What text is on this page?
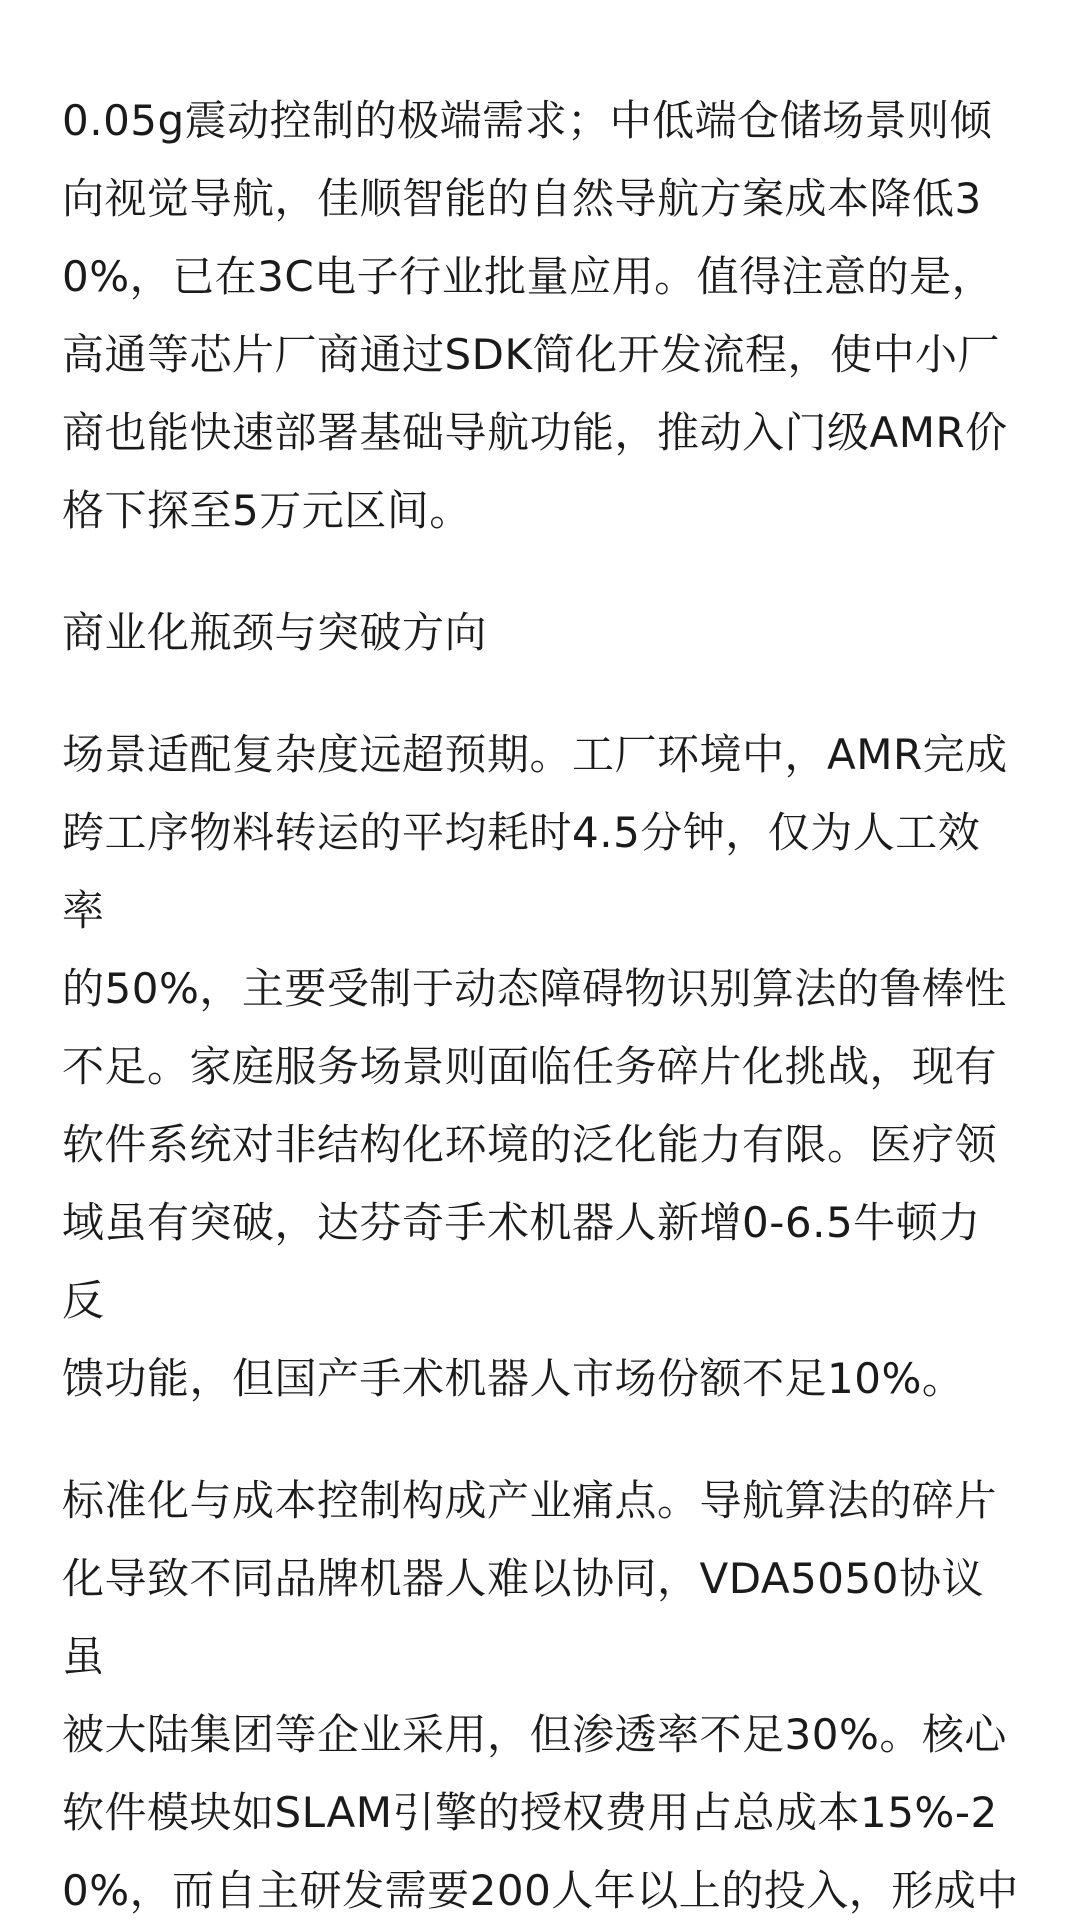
0.05g震动控制的极端需求；中低端仓储场景则倾
向视觉导航，佳顺智能的自然导航方案成本降低3
0%，已在3C电子行业批量应用。值得注意的是，
高通等芯片厂商通过SDK简化开发流程，使中小厂
商也能快速部署基础导航功能，推动入门级AMR价
格下探至5万元区间。

商业化瓶颈与突破方向

场景适配复杂度远超预期。工厂环境中，AMR完成
跨工序物料转运的平均耗时4.5分钟，仅为人工效率
的50%，主要受制于动态障碍物识别算法的鲁棒性
不足。家庭服务场景则面临任务碎片化挑战，现有
软件系统对非结构化环境的泛化能力有限。医疗领
域虽有突破，达芬奇手术机器人新增0-6.5牛顿力反
馈功能，但国产手术机器人市场份额不足10%。

标准化与成本控制构成产业痛点。导航算法的碎片
化导致不同品牌机器人难以协同，VDA5050协议虽
被大陆集团等企业采用，但渗透率不足30%。核心
软件模块如SLAM引擎的授权费用占总成本15%-2
0%，而自主研发需要200人年以上的投入，形成中
